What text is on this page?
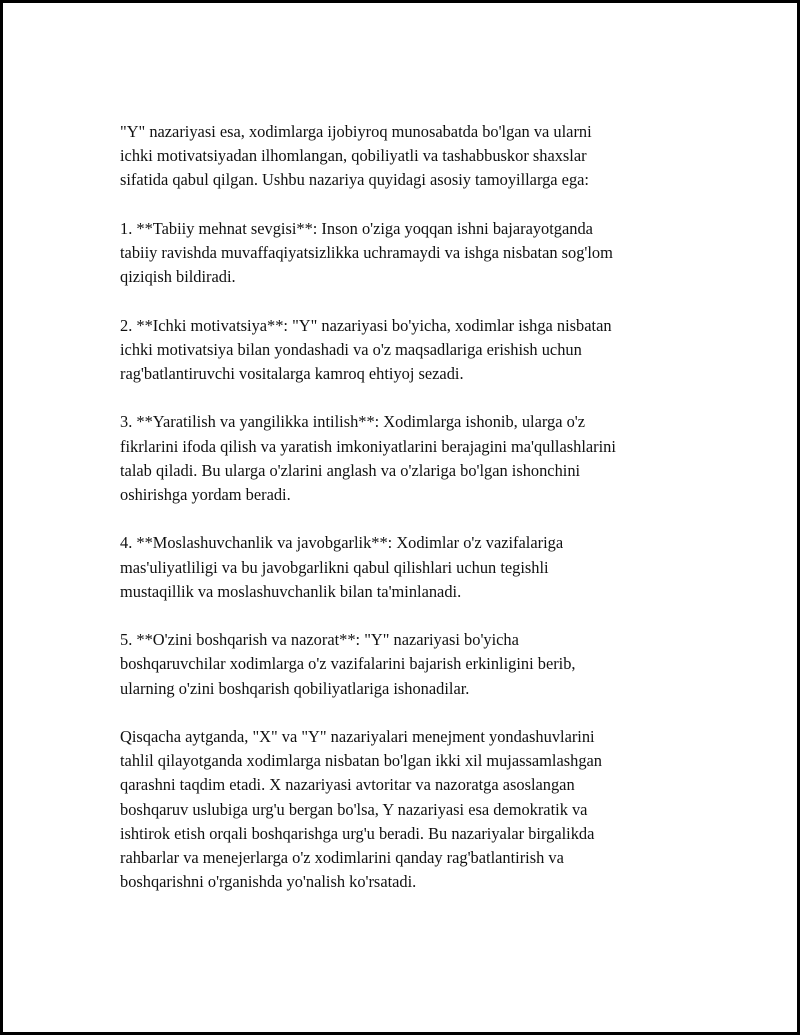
"Y" nazariyasi esa, xodimlarga ijobiyroq munosabatda bo'lgan va ularni
ichki motivatsiyadan ilhomlangan, qobiliyatli va tashabbuskor shaxslar
sifatida qabul qilgan. Ushbu nazariya quyidagi asosiy tamoyillarga ega:

1. **Tabiiy mehnat sevgisi**: Inson o'ziga yoqqan ishni bajarayotganda
tabiiy ravishda muvaffaqiyatsizlikka uchramaydi va ishga nisbatan sog'lom
qiziqish bildiradi.

2. **Ichki motivatsiya**: "Y" nazariyasi bo'yicha, xodimlar ishga nisbatan
ichki motivatsiya bilan yondashadi va o'z maqsadlariga erishish uchun
rag'batlantiruvchi vositalarga kamroq ehtiyoj sezadi.

3. **Yaratilish va yangilikka intilish**: Xodimlarga ishonib, ularga o'z
fikrlarini ifoda qilish va yaratish imkoniyatlarini berajagini ma'qullashlarini
talab qiladi. Bu ularga o'zlarini anglash va o'zlariga bo'lgan ishonchini
oshirishga yordam beradi.

4. **Moslashuvchanlik va javobgarlik**: Xodimlar o'z vazifalariga
mas'uliyatliligi va bu javobgarlikni qabul qilishlari uchun tegishli
mustaqillik va moslashuvchanlik bilan ta'minlanadi.

5. **O'zini boshqarish va nazorat**: "Y" nazariyasi bo'yicha
boshqaruvchilar xodimlarga o'z vazifalarini bajarish erkinligini berib,
ularning o'zini boshqarish qobiliyatlariga ishonadilar.

Qisqacha aytganda, "X" va "Y" nazariyalari menejment yondashuvlarini
tahlil qilayotganda xodimlarga nisbatan bo'lgan ikki xil mujassamlashgan
qarashni taqdim etadi. X nazariyasi avtoritar va nazoratga asoslangan
boshqaruv uslubiga urg'u bergan bo'lsa, Y nazariyasi esa demokratik va
ishtirok etish orqali boshqarishga urg'u beradi. Bu nazariyalar birgalikda
rahbarlar va menejerlarga o'z xodimlarini qanday rag'batlantirish va
boshqarishni o'rganishda yo'nalish ko'rsatadi.
